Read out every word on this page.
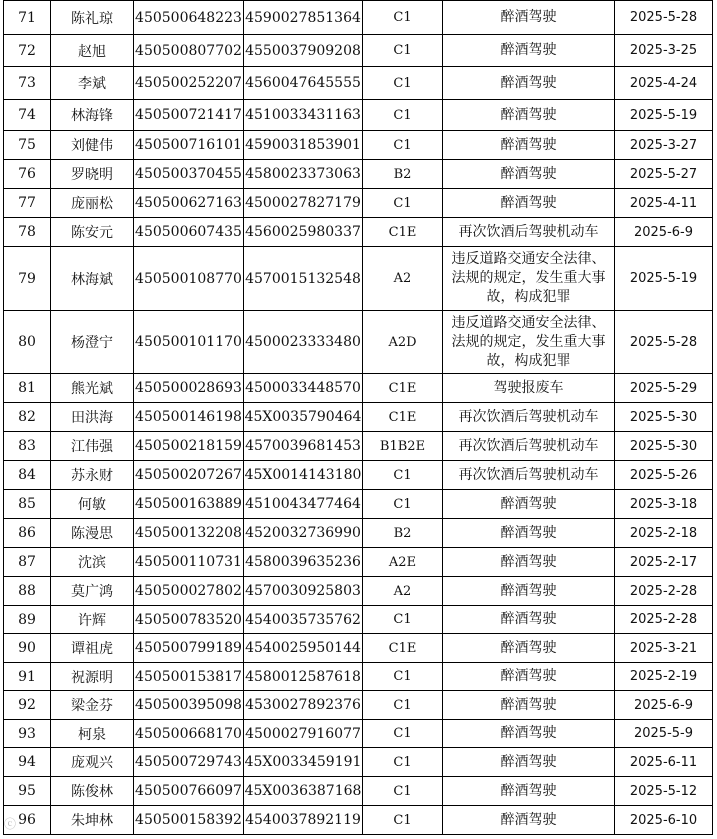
71	陈礼琼	450500648223	4590027851364	C1	醉酒驾驶	2025-5-28
72	赵旭	450500807702	4550037909208	C1	醉酒驾驶	2025-3-25
73	李斌	450500252207	4560047645555	C1	醉酒驾驶	2025-4-24
74	林海锋	450500721417	4510033431163	C1	醉酒驾驶	2025-5-19
75	刘健伟	450500716101	4590031853901	C1	醉酒驾驶	2025-3-27
76	罗晓明	450500370455	4580023373063	B2	醉酒驾驶	2025-5-27
77	庞丽松	450500627163	4500027827179	C1	醉酒驾驶	2025-4-11
78	陈安元	450500607435	4560025980337	C1E	再次饮酒后驾驶机动车	2025-6-9
79	林海斌	450500108770	4570015132548	A2	违反道路交通安全法律、法规的规定，发生重大事故，构成犯罪	2025-5-19
80	杨澄宁	450500101170	4500023333480	A2D	违反道路交通安全法律、法规的规定，发生重大事故，构成犯罪	2025-5-28
81	熊光斌	450500028693	4500033448570	C1E	驾驶报废车	2025-5-29
82	田洪海	450500146198	45X0035790464	C1E	再次饮酒后驾驶机动车	2025-5-30
83	江伟强	450500218159	4570039681453	B1B2E	再次饮酒后驾驶机动车	2025-5-30
84	苏永财	450500207267	45X0014143180	C1	再次饮酒后驾驶机动车	2025-5-26
85	何敏	450500163889	4510043477464	C1	醉酒驾驶	2025-3-18
86	陈漫思	450500132208	4520032736990	B2	醉酒驾驶	2025-2-18
87	沈滨	450500110731	4580039635236	A2E	醉酒驾驶	2025-2-17
88	莫广鸿	450500027802	4570030925803	A2	醉酒驾驶	2025-2-28
89	许辉	450500783520	4540035735762	C1	醉酒驾驶	2025-2-28
90	谭祖虎	450500799189	4540025950144	C1E	醉酒驾驶	2025-3-21
91	祝源明	450500153817	4580012587618	C1	醉酒驾驶	2025-2-19
92	梁金芬	450500395098	4530027892376	C1	醉酒驾驶	2025-6-9
93	柯泉	450500668170	4500027916077	C1	醉酒驾驶	2025-5-9
94	庞观兴	450500729743	45X0033459191	C1	醉酒驾驶	2025-6-11
95	陈俊林	450500766097	45X0036387168	C1	醉酒驾驶	2025-5-12
96	朱坤林	450500158392	4540037892119	C1	醉酒驾驶	2025-6-10
ⓒ
